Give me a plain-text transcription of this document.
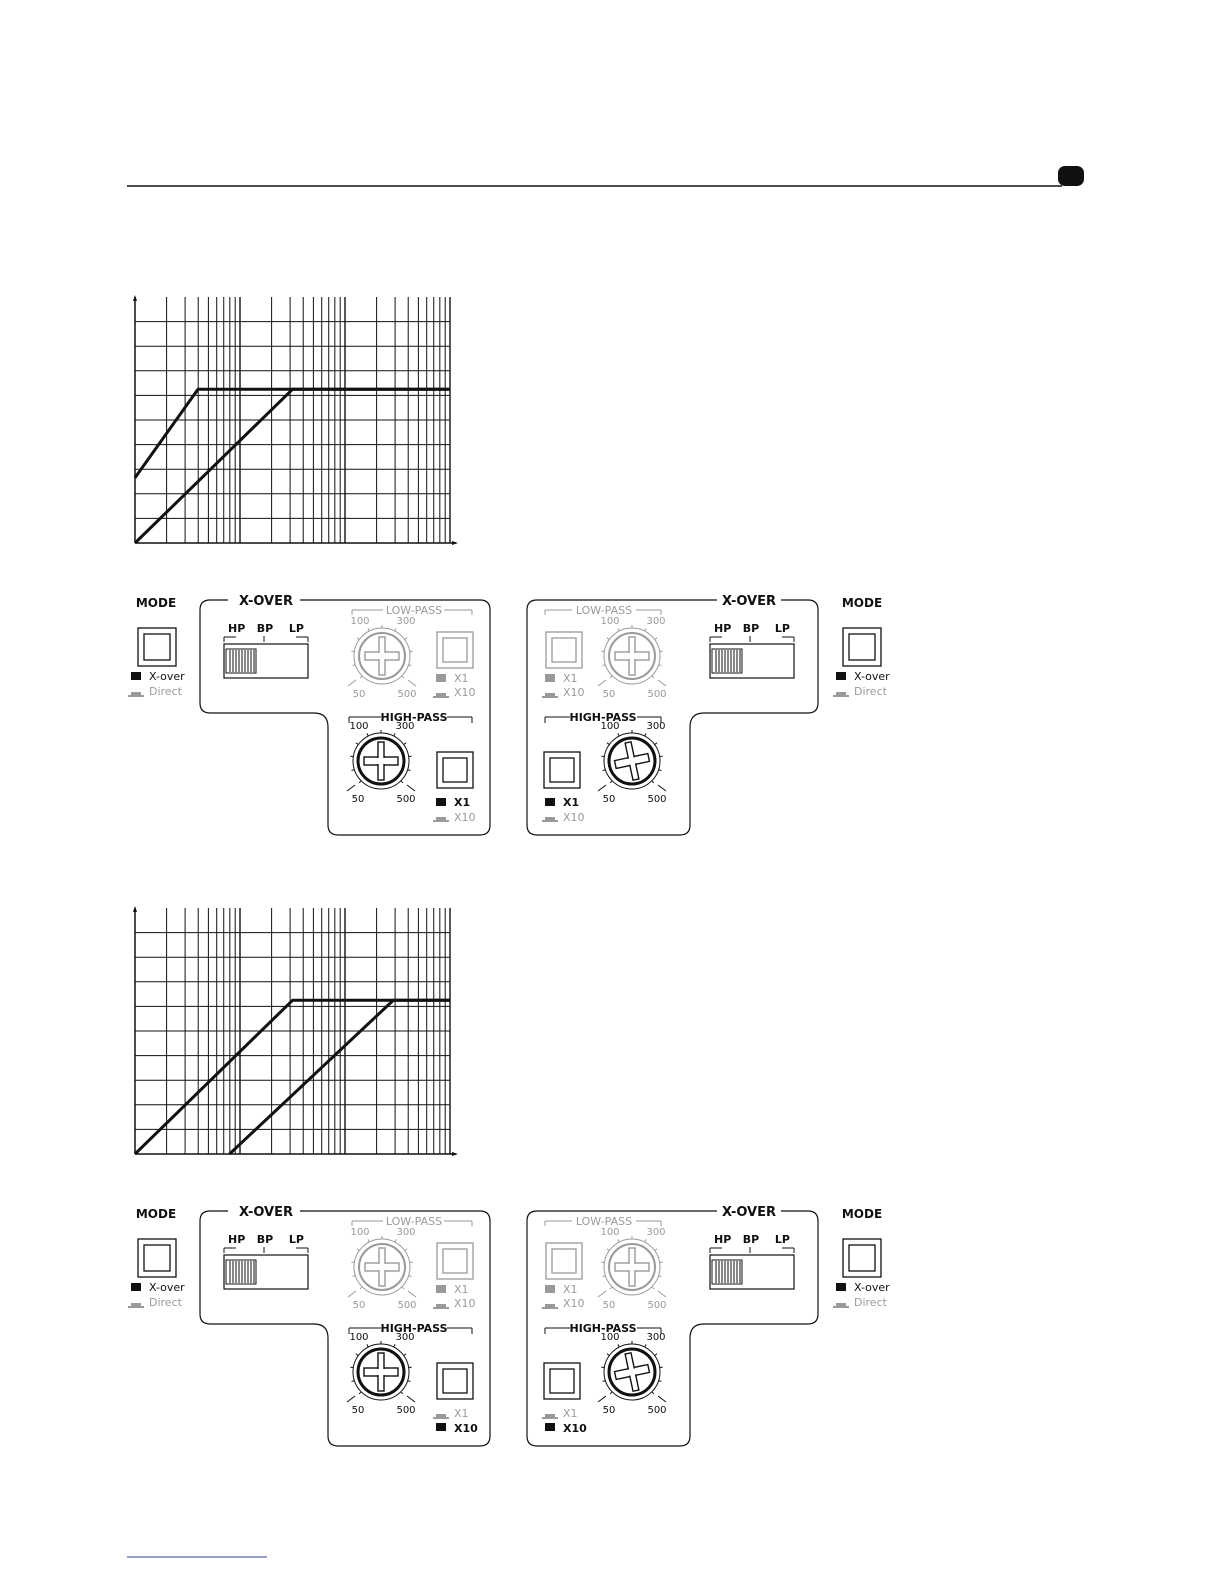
MODE
X-over
Direct
X-OVER
HP BP LP
LOW-PASS
100	300
50	500
X1
X10
HIGH-PASS
100	300
50	500	X1
X10
X-OVER
HP BP LP
LOW-PASS
X1
X10
100	300
50	500
HIGH-PASS
X1
X10
100	300
50	500
MODE
X-over
Direct
MODE
X-over
Direct
X-OVER
HP BP LP
LOW-PASS
100	300
50	500
X1
X10
HIGH-PASS
100	300
50	500	X1
X10
X-OVER
HP BP LP
LOW-PASS
X1
X10
100	300
50	500
HIGH-PASS
X1
X10
100	300
50	500
MODE
X-over
Direct
